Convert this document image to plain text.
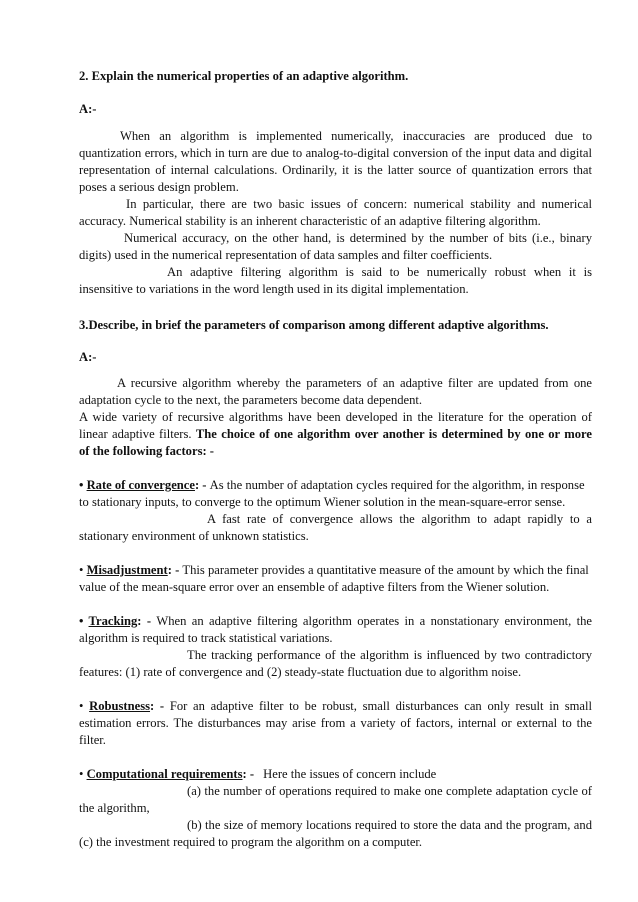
2. Explain the numerical properties of an adaptive algorithm.
A:-
When an algorithm is implemented numerically, inaccuracies are produced due to
quantization errors, which in turn are due to analog-to-digital conversion of the input data and digital
representation of internal calculations. Ordinarily, it is the latter source of quantization errors that
poses a serious design problem.
In particular, there are two basic issues of concern: numerical stability and numerical
accuracy. Numerical stability is an inherent characteristic of an adaptive filtering algorithm.
Numerical accuracy, on the other hand, is determined by the number of bits (i.e., binary
digits) used in the numerical representation of data samples and filter coefficients.
An adaptive filtering algorithm is said to be numerically robust when it is
insensitive to variations in the word length used in its digital implementation.
3.Describe, in brief the parameters of comparison among different adaptive algorithms.
A:-
A recursive algorithm whereby the parameters of an adaptive filter are updated from one
adaptation cycle to the next, the parameters become data dependent.
A wide variety of recursive algorithms have been developed in the literature for the operation of
linear adaptive filters. The choice of one algorithm over another is determined by one or more
of the following factors: -
• Rate of convergence: - As the number of adaptation cycles required for the algorithm, in response
to stationary inputs, to converge to the optimum Wiener solution in the mean-square-error sense.
A fast rate of convergence allows the algorithm to adapt rapidly to a
stationary environment of unknown statistics.
• Misadjustment: - This parameter provides a quantitative measure of the amount by which the final
value of the mean-square error over an ensemble of adaptive filters from the Wiener solution.
• Tracking: - When an adaptive filtering algorithm operates in a nonstationary environment, the
algorithm is required to track statistical variations.
The tracking performance of the algorithm is influenced by two contradictory
features: (1) rate of convergence and (2) steady-state fluctuation due to algorithm noise.
• Robustness: - For an adaptive filter to be robust, small disturbances can only result in small
estimation errors. The disturbances may arise from a variety of factors, internal or external to the
filter.
• Computational requirements: - Here the issues of concern include
(a) the number of operations required to make one complete adaptation cycle of
the algorithm,
(b) the size of memory locations required to store the data and the program, and
(c) the investment required to program the algorithm on a computer.
